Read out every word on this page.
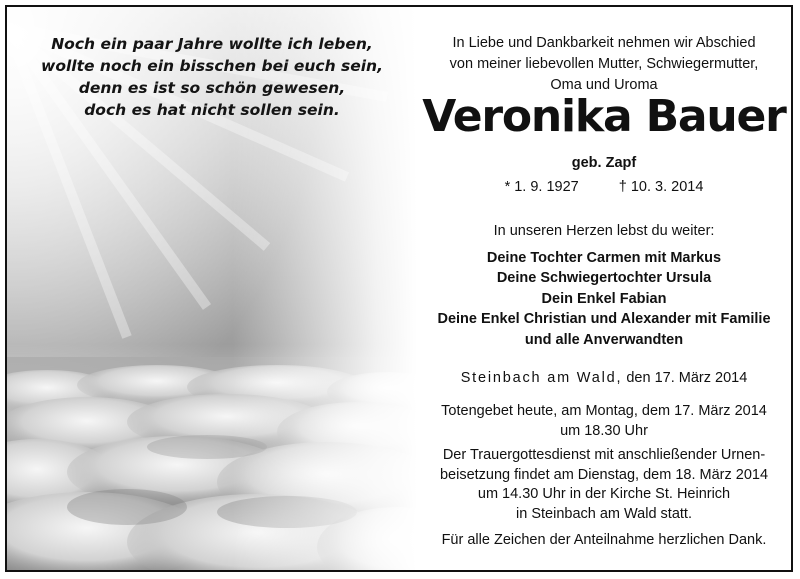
Noch ein paar Jahre wollte ich leben,
wollte noch ein bisschen bei euch sein,
denn es ist so schön gewesen,
doch es hat nicht sollen sein.
In Liebe und Dankbarkeit nehmen wir Abschied
von meiner liebevollen Mutter, Schwiegermutter,
Oma und Uroma
Veronika Bauer
geb. Zapf
* 1. 9. 1927	† 10. 3. 2014
In unseren Herzen lebst du weiter:
Deine Tochter Carmen mit Markus
Deine Schwiegertochter Ursula
Dein Enkel Fabian
Deine Enkel Christian und Alexander mit Familie
und alle Anverwandten
Steinbach am Wald, den 17. März 2014
Totengebet heute, am Montag, dem 17. März 2014
um 18.30 Uhr
Der Trauergottesdienst mit anschließender Urnen-
beisetzung findet am Dienstag, dem 18. März 2014
um 14.30 Uhr in der Kirche St. Heinrich
in Steinbach am Wald statt.
Für alle Zeichen der Anteilnahme herzlichen Dank.
